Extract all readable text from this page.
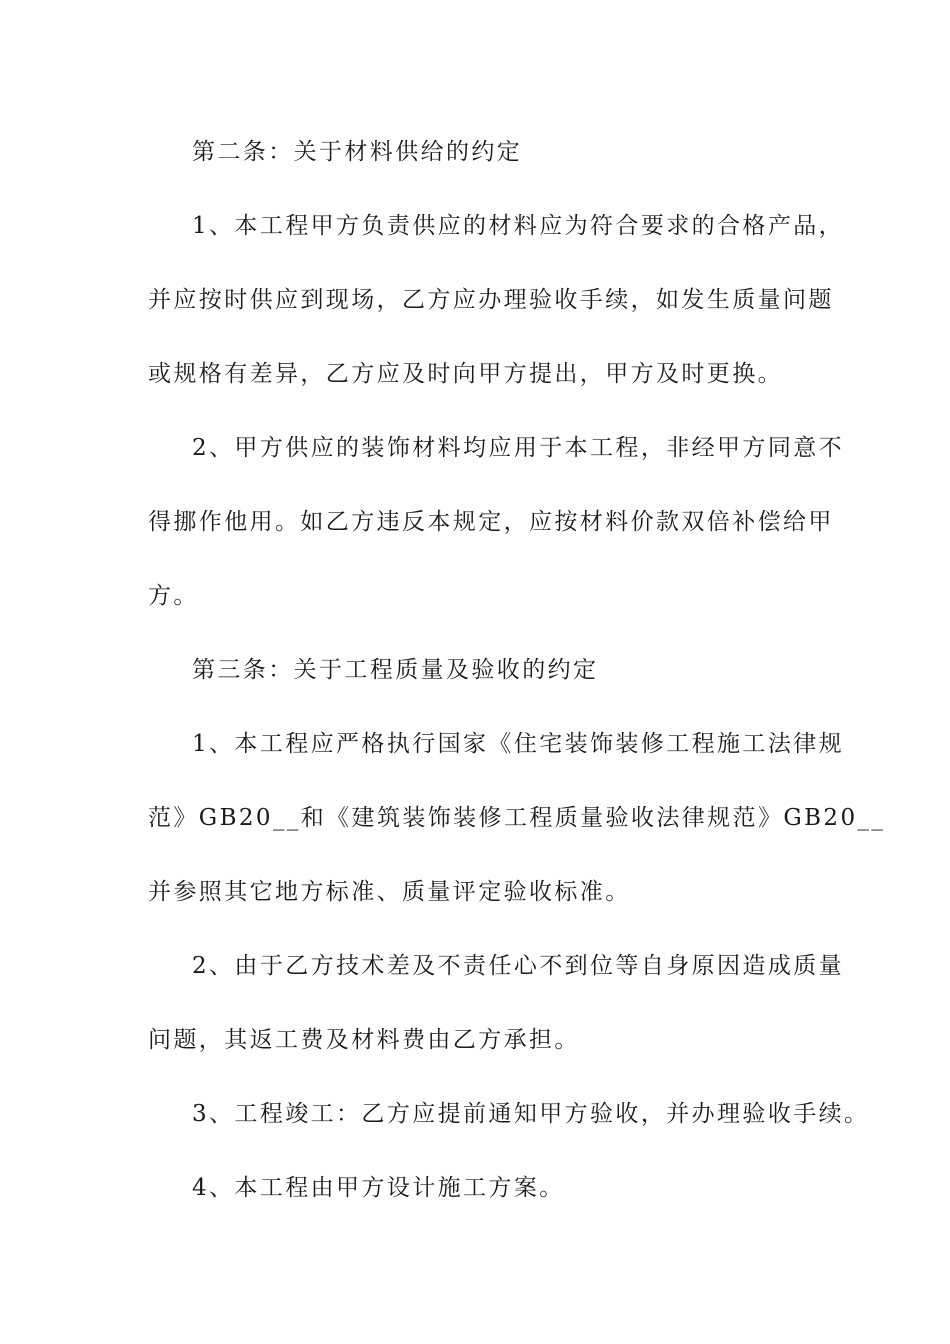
第二条：关于材料供给的约定
1、本工程甲方负责供应的材料应为符合要求的合格产品，
并应按时供应到现场，乙方应办理验收手续，如发生质量问题
或规格有差异，乙方应及时向甲方提出，甲方及时更换。
2、甲方供应的装饰材料均应用于本工程，非经甲方同意不
得挪作他用。如乙方违反本规定，应按材料价款双倍补偿给甲
方。
第三条：关于工程质量及验收的约定
1、本工程应严格执行国家《住宅装饰装修工程施工法律规
范》GB20__和《建筑装饰装修工程质量验收法律规范》GB20__
并参照其它地方标准、质量评定验收标准。
2、由于乙方技术差及不责任心不到位等自身原因造成质量
问题，其返工费及材料费由乙方承担。
3、工程竣工：乙方应提前通知甲方验收，并办理验收手续。
4、本工程由甲方设计施工方案。
